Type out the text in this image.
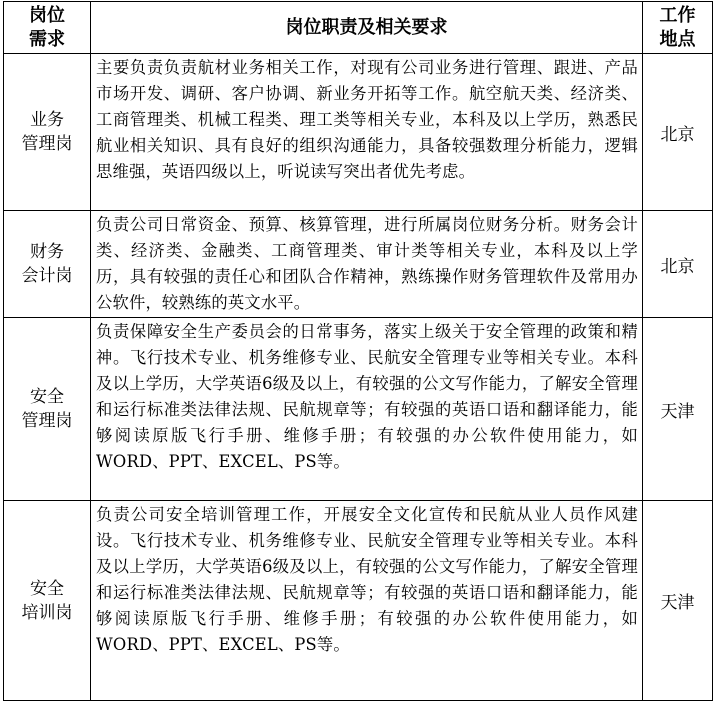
岗位
需求	岗位职责及相关要求	工作
地点

业务
管理岗	主要负责负责航材业务相关工作，对现有公司业务进行管理、跟进、产品市场开发、调研、客户协调、新业务开拓等工作。航空航天类、经济类、工商管理类、机械工程类、理工类等相关专业，本科及以上学历，熟悉民航业相关知识、具有良好的组织沟通能力，具备较强数理分析能力，逻辑思维强，英语四级以上，听说读写突出者优先考虑。	北京

财务
会计岗	负责公司日常资金、预算、核算管理，进行所属岗位财务分析。财务会计类、经济类、金融类、工商管理类、审计类等相关专业，本科及以上学历，具有较强的责任心和团队合作精神，熟练操作财务管理软件及常用办公软件，较熟练的英文水平。	北京

安全
管理岗	负责保障安全生产委员会的日常事务，落实上级关于安全管理的政策和精神。飞行技术专业、机务维修专业、民航安全管理专业等相关专业。本科及以上学历，大学英语6级及以上，有较强的公文写作能力，了解安全管理和运行标准类法律法规、民航规章等；有较强的英语口语和翻译能力，能够阅读原版飞行手册、维修手册；有较强的办公软件使用能力，如WORD、PPT、EXCEL、PS等。	天津

安全
培训岗	负责公司安全培训管理工作，开展安全文化宣传和民航从业人员作风建设。飞行技术专业、机务维修专业、民航安全管理专业等相关专业。本科及以上学历，大学英语6级及以上，有较强的公文写作能力，了解安全管理和运行标准类法律法规、民航规章等；有较强的英语口语和翻译能力，能够阅读原版飞行手册、维修手册；有较强的办公软件使用能力，如WORD、PPT、EXCEL、PS等。	天津
